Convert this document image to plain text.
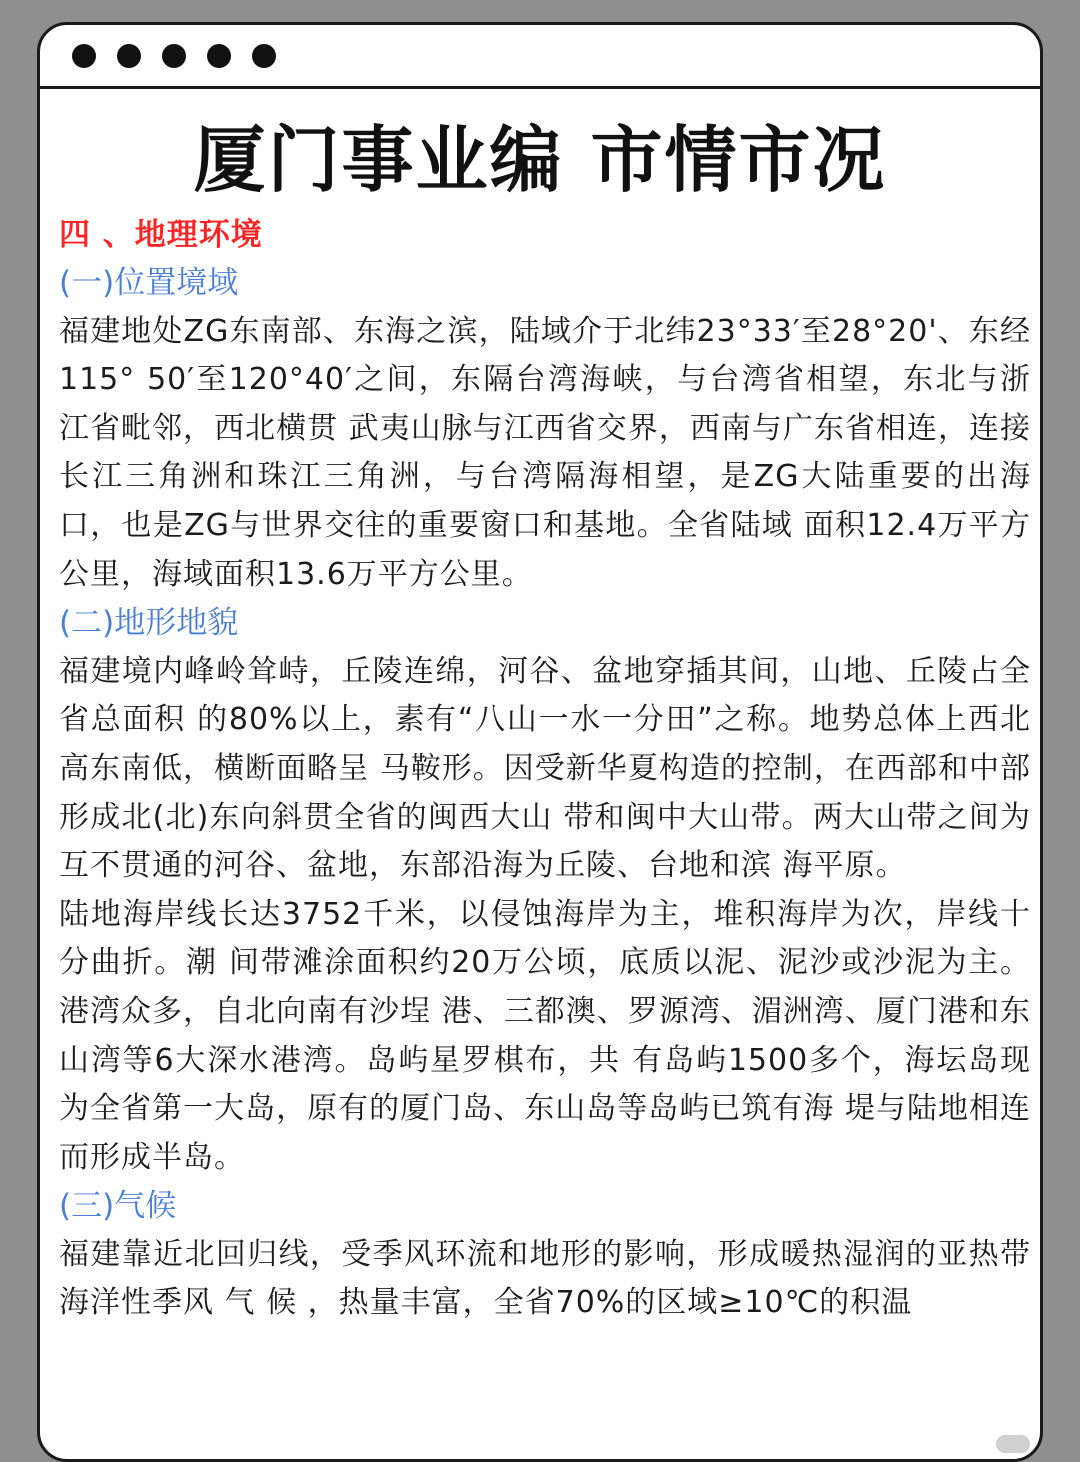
厦门事业编 市情市况
四 、地理环境
(一)位置境域
福建地处ZG东南部、东海之滨，陆域介于北纬23°33′至28°20'、东经115° 50′至120°40′之间，东隔台湾海峡，与台湾省相望，东北与浙江省毗邻，西北横贯 武夷山脉与江西省交界，西南与广东省相连，连接长江三角洲和珠江三角洲，与台湾隔海相望，是ZG大陆重要的出海口，也是ZG与世界交往的重要窗口和基地。全省陆域 面积12.4万平方公里，海域面积13.6万平方公里。
(二)地形地貌
福建境内峰岭耸峙，丘陵连绵，河谷、盆地穿插其间，山地、丘陵占全省总面积 的80%以上，素有“八山一水一分田”之称。地势总体上西北高东南低，横断面略呈 马鞍形。因受新华夏构造的控制，在西部和中部形成北(北)东向斜贯全省的闽西大山 带和闽中大山带。两大山带之间为互不贯通的河谷、盆地，东部沿海为丘陵、台地和滨 海平原。
陆地海岸线长达3752千米，以侵蚀海岸为主，堆积海岸为次，岸线十分曲折。潮 间带滩涂面积约20万公顷，底质以泥、泥沙或沙泥为主。港湾众多，自北向南有沙埕 港、三都澳、罗源湾、湄洲湾、厦门港和东山湾等6大深水港湾。岛屿星罗棋布，共 有岛屿1500多个，海坛岛现为全省第一大岛，原有的厦门岛、东山岛等岛屿已筑有海 堤与陆地相连而形成半岛。
(三)气候
福建靠近北回归线，受季风环流和地形的影响，形成暖热湿润的亚热带海洋性季风 气 候 ，热量丰富，全省70%的区域≥10℃的积温
